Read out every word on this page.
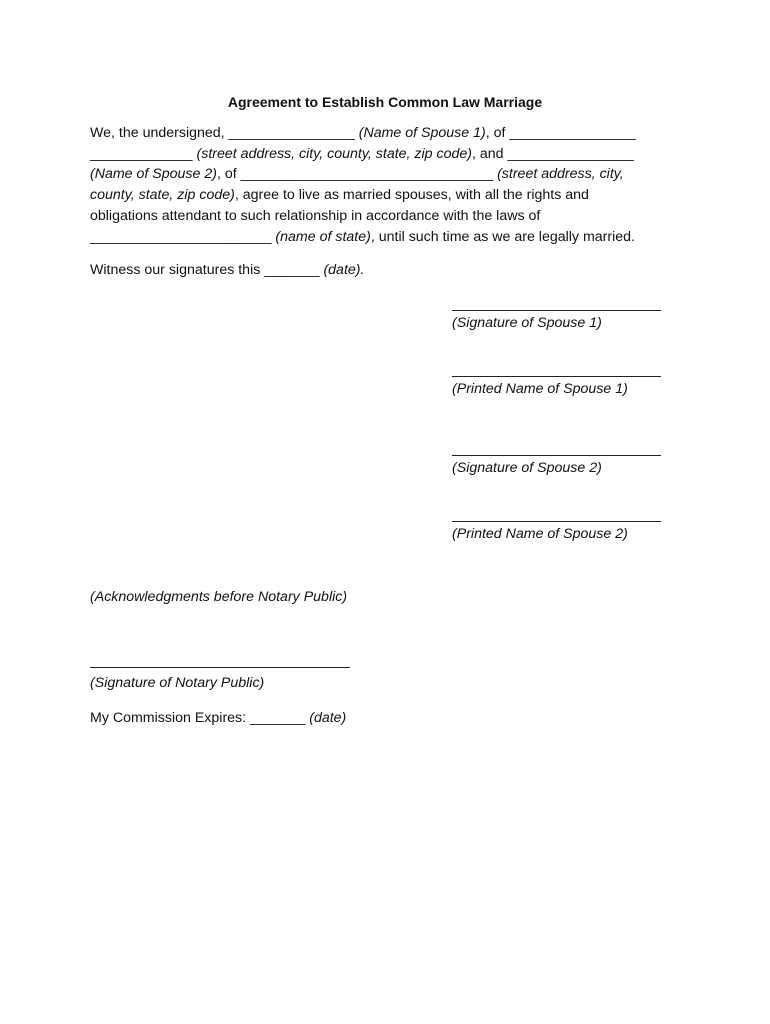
Agreement to Establish Common Law Marriage
We, the undersigned, ________________ (Name of Spouse 1), of ________________
_____________ (street address, city, county, state, zip code), and ________________
(Name of Spouse 2), of ________________________________ (street address, city,
county, state, zip code), agree to live as married spouses, with all the rights and
obligations attendant to such relationship in accordance with the laws of
_______________________ (name of state), until such time as we are legally married.
Witness our signatures this _______ (date).
(Signature of Spouse 1)
(Printed Name of Spouse 1)
(Signature of Spouse 2)
(Printed Name of Spouse 2)
(Acknowledgments before Notary Public)
(Signature of Notary Public)
My Commission Expires: _______ (date)
